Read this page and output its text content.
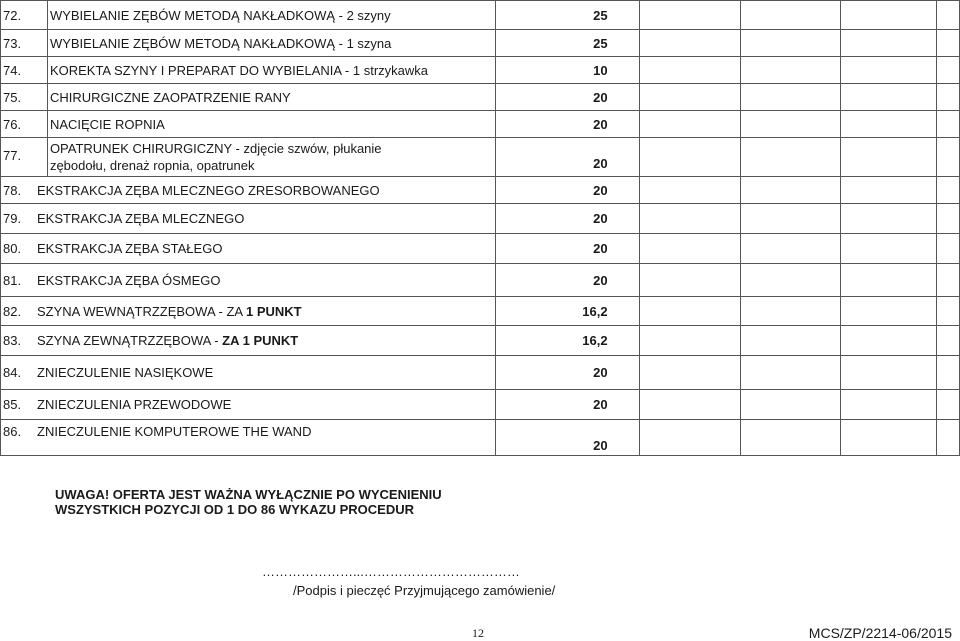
72.	WYBIELANIE ZĘBÓW METODĄ NAKŁADKOWĄ - 2 szyny	25				
73.	WYBIELANIE ZĘBÓW METODĄ NAKŁADKOWĄ - 1 szyna	25				
74.	KOREKTA SZYNY I PREPARAT DO WYBIELANIA - 1 strzykawka	10				
75.	CHIRURGICZNE ZAOPATRZENIE RANY	20				
76.	NACIĘCIE ROPNIA	20				
77.	OPATRUNEK CHIRURGICZNY - zdjęcie szwów, płukanie zębodołu, drenaż ropnia, opatrunek	20				
78. EKSTRAKCJA ZĘBA MLECZNEGO ZRESORBOWANEGO		20				
79. EKSTRAKCJA ZĘBA MLECZNEGO		20				
80. EKSTRAKCJA ZĘBA STAŁEGO		20				
81. EKSTRAKCJA ZĘBA ÓSMEGO		20				
82. SZYNA WEWNĄTRZZĘBOWA - ZA 1 PUNKT		16,2				
83. SZYNA ZEWNĄTRZZĘBOWA - ZA 1 PUNKT		16,2				
84. ZNIECZULENIE NASIĘKOWE		20				
85. ZNIECZULENIA PRZEWODOWE		20				
86. ZNIECZULENIE KOMPUTEROWE THE WAND		20				
UWAGA! OFERTA JEST WAŻNA WYŁĄCZNIE PO WYCENIENIU
WSZYSTKICH POZYCJI OD 1 DO 86 WYKAZU PROCEDUR
…………………...………………………………
/Podpis i pieczęć Przyjmującego zamówienie/
12	MCS/ZP/2214-06/2015
